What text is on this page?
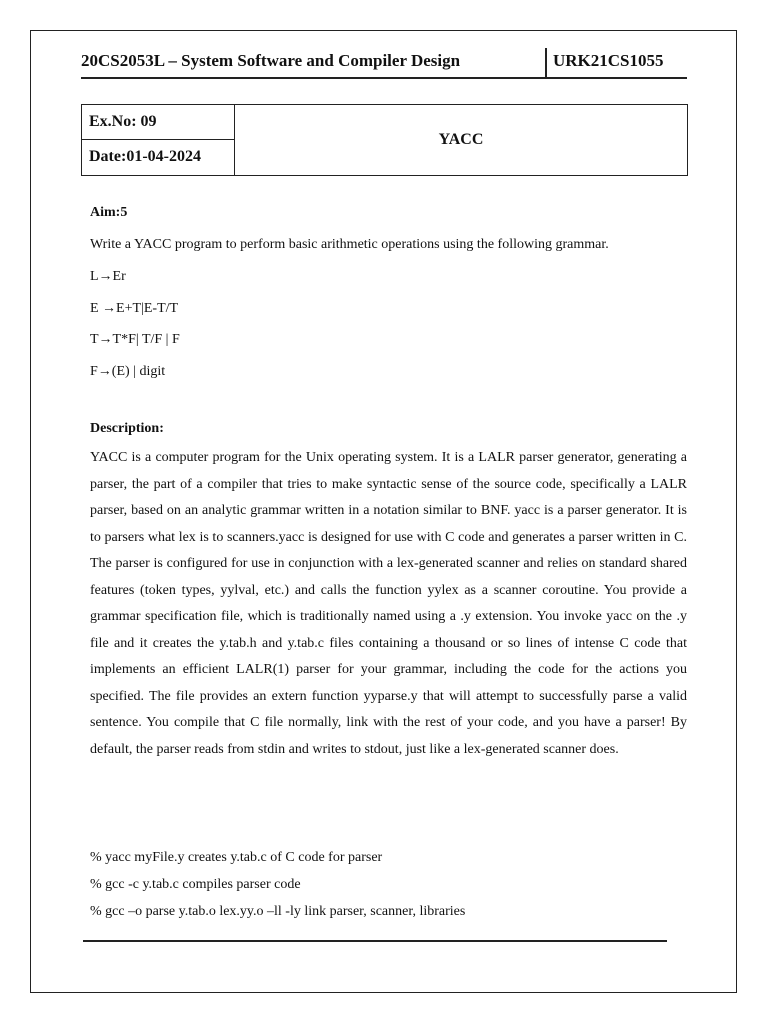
20CS2053L – System Software and Compiler Design	URK21CS1055
Ex.No: 09
Date:01-04-2024
YACC
Aim:5
Write a YACC program to perform basic arithmetic operations using the following grammar.
L→Er
E →E+T|E-T/T
T→T*F| T/F | F
F→(E) | digit
Description:

YACC is a computer program for the Unix operating system. It is a LALR parser generator, generating a parser, the part of a compiler that tries to make syntactic sense of the source code, specifically a LALR parser, based on an analytic grammar written in a notation similar to BNF. yacc is a parser generator. It is to parsers what lex is to scanners.yacc is designed for use with C code and generates a parser written in C. The parser is configured for use in conjunction with a lex-generated scanner and relies on standard shared features (token types, yylval, etc.) and calls the function yylex as a scanner coroutine. You provide a grammar specification file, which is traditionally named using a .y extension. You invoke yacc on the .y file and it creates the y.tab.h and y.tab.c files containing a thousand or so lines of intense C code that implements an efficient LALR(1) parser for your grammar, including the code for the actions you specified. The file provides an extern function yyparse.y that will attempt to successfully parse a valid sentence. You compile that C file normally, link with the rest of your code, and you have a parser! By default, the parser reads from stdin and writes to stdout, just like a lex-generated scanner does.

% yacc myFile.y creates y.tab.c of C code for parser
% gcc -c y.tab.c compiles parser code
% gcc –o parse y.tab.o lex.yy.o –ll -ly link parser, scanner, libraries
